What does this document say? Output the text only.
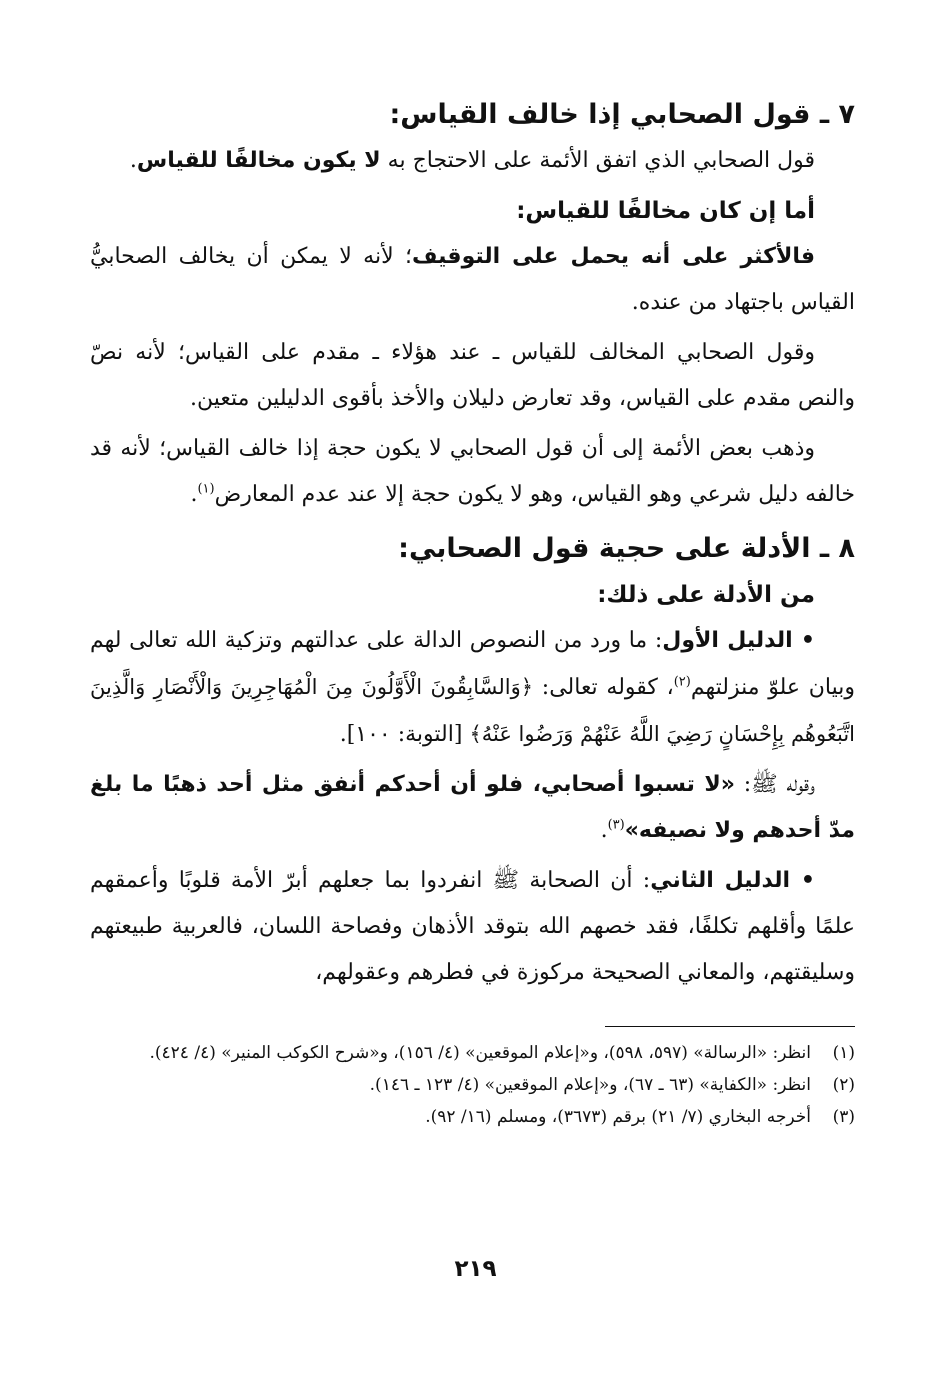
٧ ـ قول الصحابي إذا خالف القياس:

قول الصحابي الذي اتفق الأئمة على الاحتجاج به لا يكون مخالفًا للقياس.

أما إن كان مخالفًا للقياس:

فالأكثر على أنه يحمل على التوقيف؛ لأنه لا يمكن أن يخالف الصحابيُّ القياس باجتهاد من عنده.

وقول الصحابي المخالف للقياس ـ عند هؤلاء ـ مقدم على القياس؛ لأنه نصّ والنص مقدم على القياس، وقد تعارض دليلان والأخذ بأقوى الدليلين متعين.

وذهب بعض الأئمة إلى أن قول الصحابي لا يكون حجة إذا خالف القياس؛ لأنه قد خالفه دليل شرعي وهو القياس، وهو لا يكون حجة إلا عند عدم المعارض$^{(١)}$.

٨ ـ الأدلة على حجية قول الصحابي:
من الأدلة على ذلك:

• الدليل الأول: ما ورد من النصوص الدالة على عدالتهم وتزكية الله تعالى لهم وبيان علوّ منزلتهم$^{(٢)}$، كقوله تعالى: ﴿وَالسَّابِقُونَ الْأَوَّلُونَ مِنَ الْمُهَاجِرِينَ وَالْأَنْصَارِ وَالَّذِينَ اتَّبَعُوهُم بِإِحْسَانٍ رَضِيَ اللَّهُ عَنْهُمْ وَرَضُوا عَنْهُ﴾ [التوبة: ١٠٠].

وقوله ﷺ: «لا تسبوا أصحابي، فلو أن أحدكم أنفق مثل أحد ذهبًا ما بلغ مدّ أحدهم ولا نصيفه»$^{(٣)}$.

• الدليل الثاني: أن الصحابة ﷺ انفردوا بما جعلهم أبرّ الأمة قلوبًا وأعمقهم علمًا وأقلهم تكلفًا، فقد خصهم الله بتوقد الأذهان وفصاحة اللسان، فالعربية طبيعتهم وسليقتهم، والمعاني الصحيحة مركوزة في فطرهم وعقولهم،

(١)انظر: «الرسالة» (٥٩٧، ٥٩٨)، و«إعلام الموقعين» (٤/ ١٥٦)، و«شرح الكوكب المنير» (٤/ ٤٢٤).

(٢)انظر: «الكفاية» (٦٣ ـ ٦٧)، و«إعلام الموقعين» (٤/ ١٢٣ ـ ١٤٦).

(٣)أخرجه البخاري (٧/ ٢١) برقم (٣٦٧٣)، ومسلم (١٦/ ٩٢).

٢١٩
